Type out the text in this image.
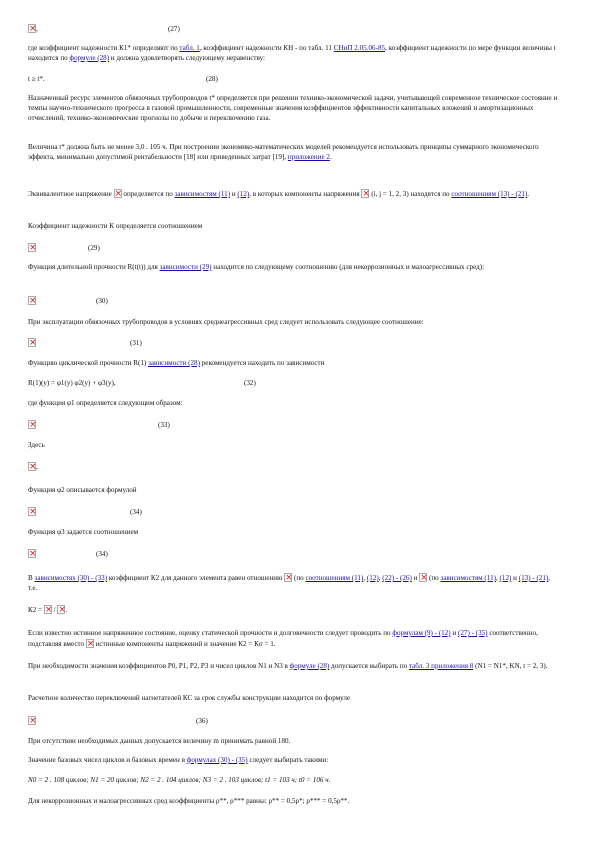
×,	(27)

где коэффициент надежности К1* определяют по табл. 1, коэффициент надежности КН - по табл. 11 СНиП 2.05.06-85, коэффициент надежности по мере функции величины t находится по формуле (28) и должна удовлетворять следующему неравенству:

t ≥ t*.	(28)

Назначенный ресурс элементов обвязочных трубопроводов t* определяется при решении технико-экономической задачи, учитывающей современное техническое состояние и темпы научно-технического прогресса в газовой промышленности, современные значения коэффициентов эффективности капитальных вложений и амортизационных отчислений, технико-экономические прогнозы по добыче и переключению газа.

Величина t* должна быть не менее 3,0 . 105 ч. При построении экономико-математических моделей рекомендуется использовать принципы суммарного экономического эффекта, минимально допустимой рентабельности [18] или приведенных затрат [19], приложение 2.

Эквивалентное напряжение × определяется по зависимостям (11) и (12), в которых компоненты напряжения × (i, j = 1, 2, 3) находятся по соотношениям (13) - (21).

Коэффициент надежности К определяется соотношением

×
(29)

Функция длительной прочности R(t(t)) для зависимости (29) находится по следующему соотношению (для некоррозионных и малоагрессивных сред):

×
(30)

При эксплуатации обвязочных трубопроводов в условиях среднеагрессивных сред следует использовать следующее соотношение:

×
(31)

Функцию циклической прочности R(1) зависимости (28) рекомендуется находить по зависимости

R(1)(y) = φ1(y) φ2(y) + φ3(y),	(32)

где функция φ1 определяется следующим образом:

×
(33)

Здесь

×,

Функция φ2 описывается формулой

×
(34)

Функция φ3 задается соотношением

×
(34)

В зависимостях (30) - (33) коэффициент К2 для данного элемента равен отношению × (по соотношениям (11), (12), (22) - (26) и × (по зависимостям (11), (12) и (13) - (21), т.е.

К2 = × / × .

Если известно истинное напряженное состояние, оценку статической прочности и долговечности следует проводить по формулам (9) - (12) и (27) - (35) соответственно, подставляя вместо × истинные компоненты напряжений и значение К2 = Кσ = 1.

При необходимости значения коэффициентов P0, P1, P2, P3 и чисел циклов N1 и N3 в формуле (28) допускается выбирать по табл. 3 приложения 8 (N1 = N1*, KN, t = 2, 3).

Расчетное количество переключений нагнетателей КС за срок службы конструкции находится по формуле

×
(36)

При отсутствии необходимых данных допускается величину m принимать равной 180.

Значение базовых чисел циклов и базовых времен в формулах (30) - (35) следует выбирать такими:

N0 = 2 . 108 циклов; N1 = 20 циклов; N2 = 2 . 104 циклов; N3 = 2 . 103 циклов; t1 = 103 ч; t0 = 106 ч.

Для некоррозионных и малоагрессивных сред коэффициенты ρ**, ρ*** равны: ρ** = 0,5ρ*; ρ*** = 0,5ρ**.
